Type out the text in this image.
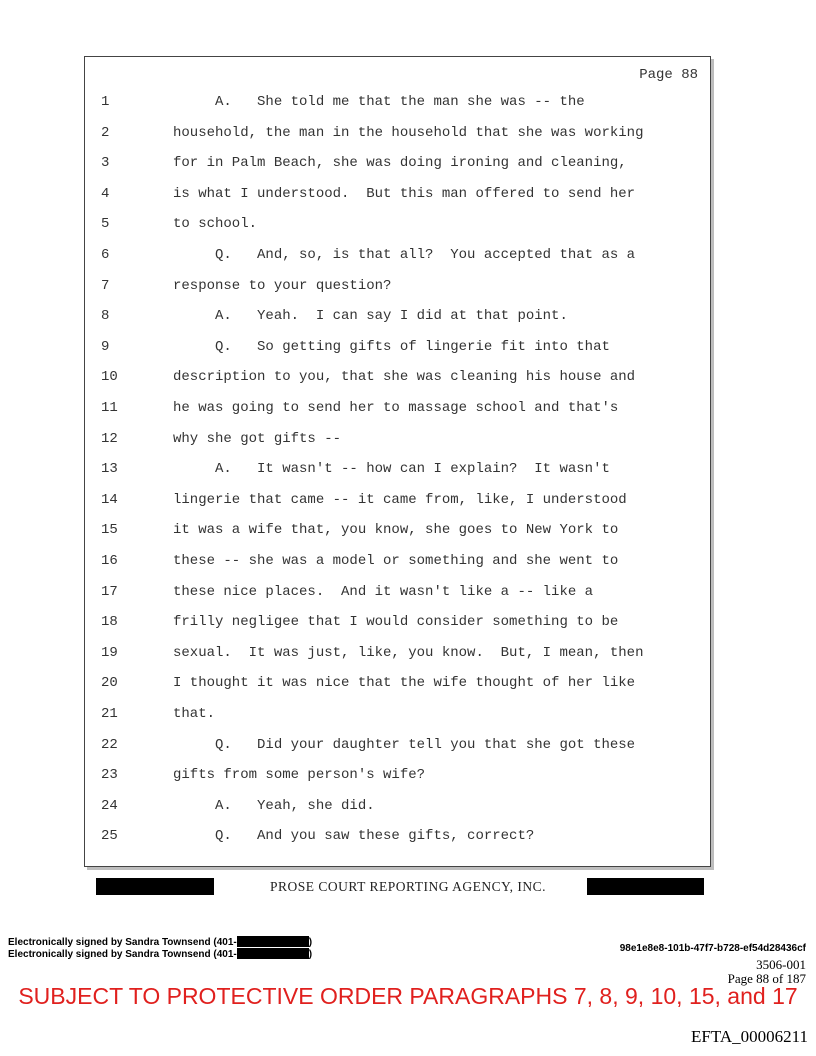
Page 88
1	A.   She told me that the man she was -- the
2	household, the man in the household that she was working
3	for in Palm Beach, she was doing ironing and cleaning,
4	is what I understood.  But this man offered to send her
5	to school.
6	Q.   And, so, is that all?  You accepted that as a
7	response to your question?
8	A.   Yeah.  I can say I did at that point.
9	Q.   So getting gifts of lingerie fit into that
10	description to you, that she was cleaning his house and
11	he was going to send her to massage school and that's
12	why she got gifts --
13	A.   It wasn't -- how can I explain?  It wasn't
14	lingerie that came -- it came from, like, I understood
15	it was a wife that, you know, she goes to New York to
16	these -- she was a model or something and she went to
17	these nice places.  And it wasn't like a -- like a
18	frilly negligee that I would consider something to be
19	sexual.  It was just, like, you know.  But, I mean, then
20	I thought it was nice that the wife thought of her like
21	that.
22	Q.   Did your daughter tell you that she got these
23	gifts from some person's wife?
24	A.   Yeah, she did.
25	Q.   And you saw these gifts, correct?
PROSE COURT REPORTING AGENCY, INC.
Electronically signed by Sandra Townsend (401-	)
Electronically signed by Sandra Townsend (401-	)
98e1e8e8-101b-47f7-b728-ef54d28436cf
3506-001
Page 88 of 187
SUBJECT TO PROTECTIVE ORDER PARAGRAPHS 7, 8, 9, 10, 15, and 17
EFTA_00006211
